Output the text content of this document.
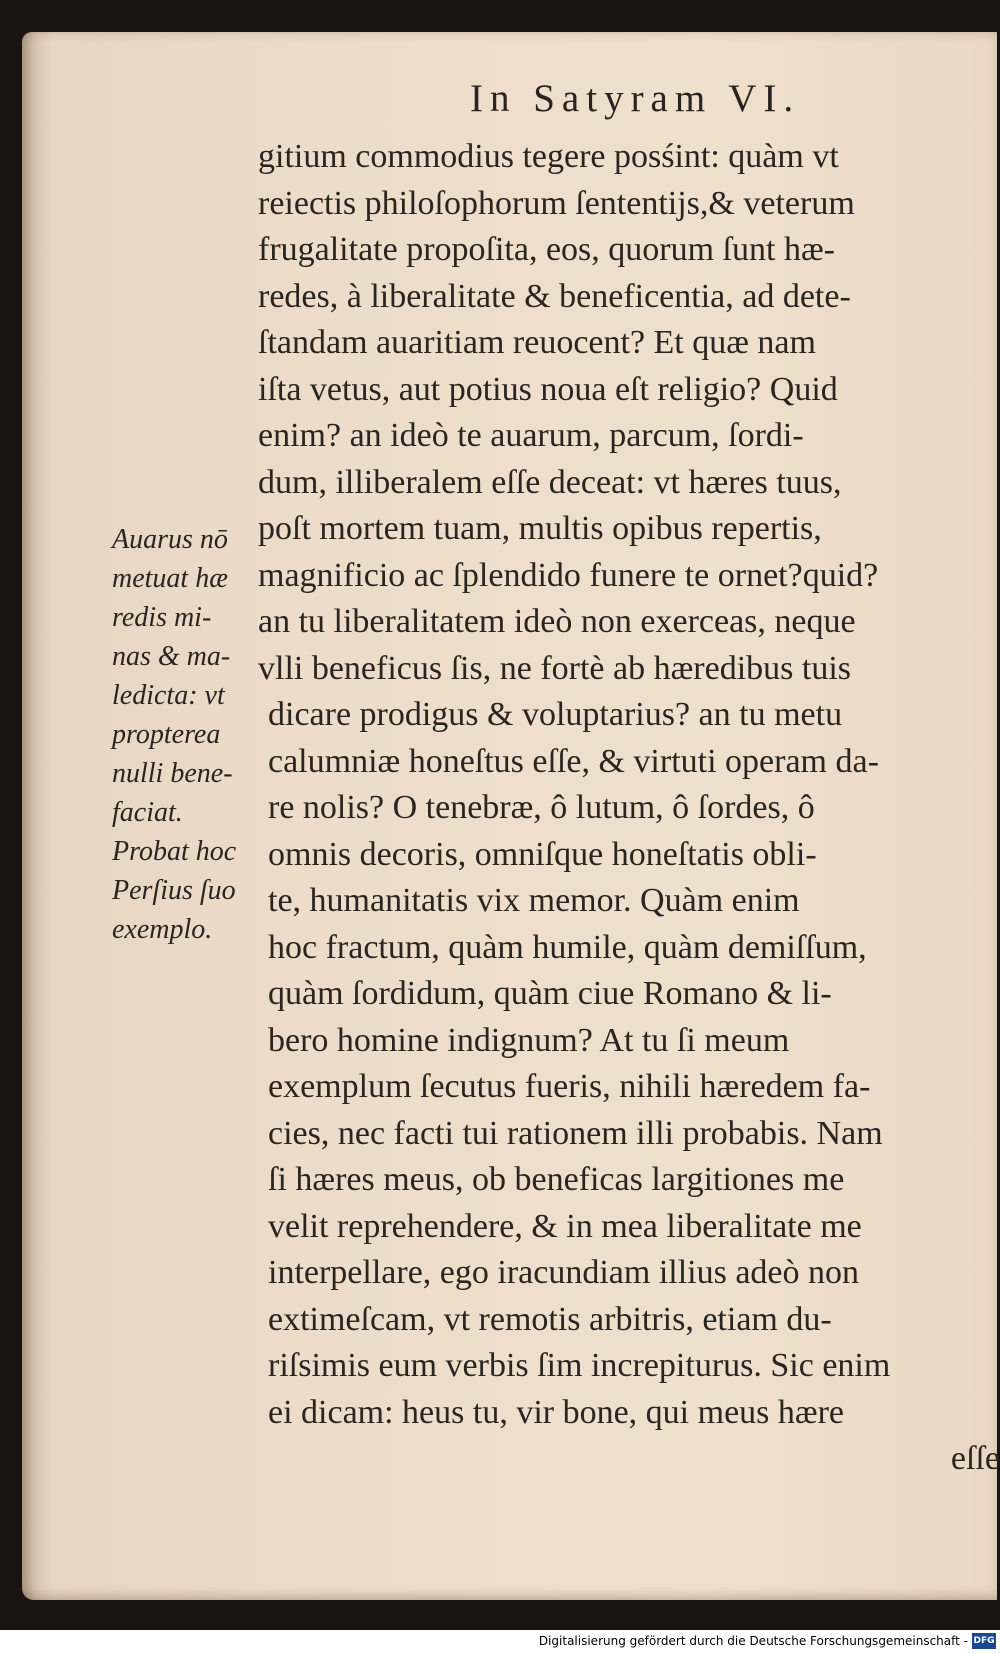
In Satyram VI.
Auarus nō
metuat hæ
redis mi-
nas & ma-
ledicta: vt
propterea
nulli bene-
faciat.
Probat hoc
Perſius ſuo
exemplo.
gitium commodius tegere posśint: quàm vt
reiectis philoſophorum ſententijs,& veterum
frugalitate propoſita, eos, quorum ſunt hæ-
redes, à liberalitate & beneficentia, ad dete-
ſtandam auaritiam reuocent? Et quæ nam
iſta vetus, aut potius noua eſt religio? Quid
enim? an ideò te auarum, parcum, ſordi-
dum, illiberalem eſſe deceat: vt hæres tuus,
poſt mortem tuam, multis opibus repertis,
magnificio ac ſplendido funere te ornet?quid?
an tu liberalitatem ideò non exerceas, neque
vlli beneficus ſis, ne fortè ab hæredibus tuis
dicare prodigus & voluptarius? an tu metu
calumniæ honeſtus eſſe, & virtuti operam da-
re nolis? O tenebræ, ô lutum, ô ſordes, ô
omnis decoris, omniſque honeſtatis obli-
te, humanitatis vix memor. Quàm enim
hoc fractum, quàm humile, quàm demiſſum,
quàm ſordidum, quàm ciue Romano & li-
bero homine indignum? At tu ſi meum
exemplum ſecutus fueris, nihili hæredem fa-
cies, nec facti tui rationem illi probabis. Nam
ſi hæres meus, ob beneficas largitiones me
velit reprehendere, & in mea liberalitate me
interpellare, ego iracundiam illius adeò non
extimeſcam, vt remotis arbitris, etiam du-
riſsimis eum verbis ſim increpiturus. Sic enim
ei dicam: heus tu, vir bone, qui meus hære
eſſe
Digitalisierung gefördert durch die Deutsche Forschungsgemeinschaft - DFG
